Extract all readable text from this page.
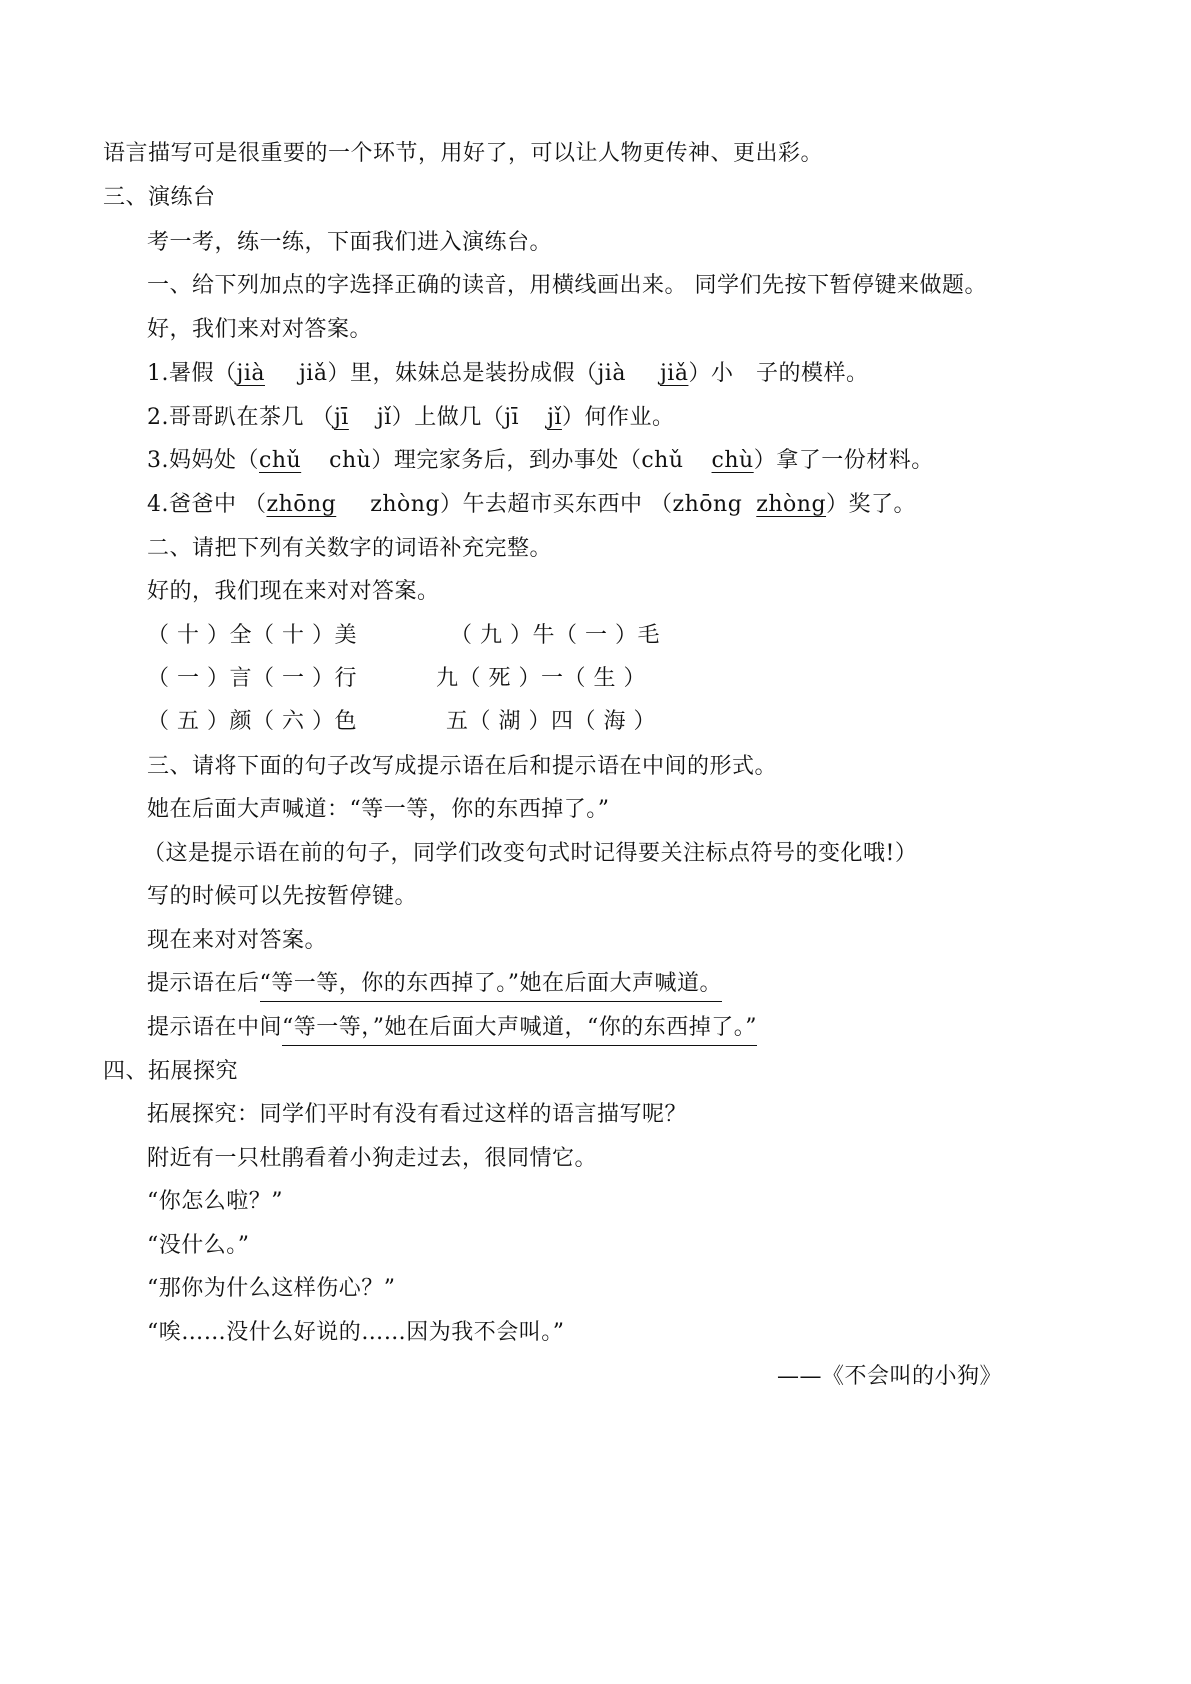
语言描写可是很重要的一个环节，用好了，可以让人物更传神、更出彩。
三、演练台
考一考，练一练，下面我们进入演练台。
一、给下列加点的字选择正确的读音，用横线画出来。 同学们先按下暂停键来做题。
好，我们来对对答案。
1.暑假（jià jiǎ）里，妹妹总是装扮成假（jià jiǎ）小　子的模样。
2.哥哥趴在茶几 （jī jǐ）上做几（jī jǐ）何作业。
3.妈妈处（chǔ chù）理完家务后，到办事处（chǔ chù）拿了一份材料。
4.爸爸中 （zhōng zhòng）午去超市买东西中 （zhōng zhòng）奖了。
二、请把下列有关数字的词语补充完整。
好的，我们现在来对对答案。
（ 十 ）全（ 十 ）美	（ 九 ）牛（ 一 ）毛
（ 一 ）言（ 一 ）行	九（ 死 ）一（ 生 ）
（ 五 ）颜（ 六 ）色	五（ 湖 ）四（ 海 ）
三、请将下面的句子改写成提示语在后和提示语在中间的形式。
她在后面大声喊道：“等一等，你的东西掉了。”
（这是提示语在前的句子，同学们改变句式时记得要关注标点符号的变化哦!）
写的时候可以先按暂停键。
现在来对对答案。
提示语在后“等一等，你的东西掉了。”她在后面大声喊道。
提示语在中间“等一等，”她在后面大声喊道，“你的东西掉了。”
四、拓展探究
拓展探究：同学们平时有没有看过这样的语言描写呢？
附近有一只杜鹃看着小狗走过去，很同情它。
“你怎么啦？”
“没什么。”
“那你为什么这样伤心？”
“唉……没什么好说的……因为我不会叫。”
——《不会叫的小狗》
